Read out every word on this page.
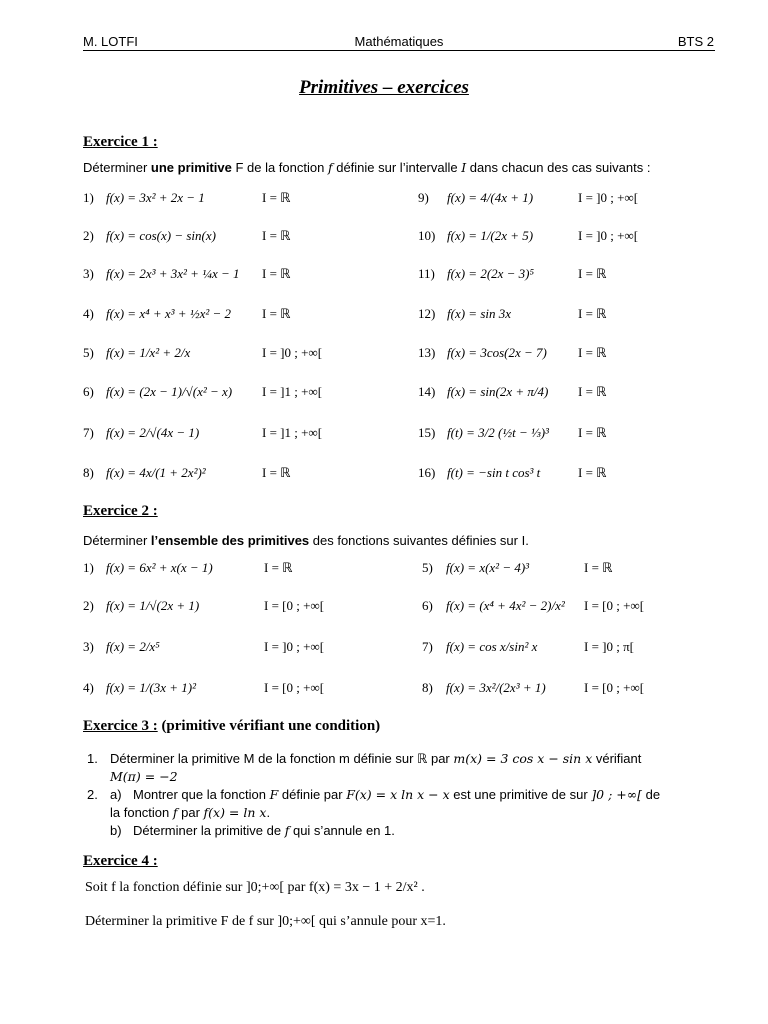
M. LOTFI	Mathématiques	BTS 2
Primitives – exercices
Exercice 1 :
Déterminer une primitive F de la fonction f définie sur l’intervalle I dans chacun des cas suivants :
1) f(x) = 3x² + 2x − 1	I = ℝ
2) f(x) = cos(x) − sin(x)	I = ℝ
3) f(x) = 2x³ + 3x² + ¼x − 1 I = ℝ
4) f(x) = x⁴ + x³ + ½x² − 2 I = ℝ
5) f(x) = 1/x² + 2/x	I = ]0 ; +∞[
6) f(x) = (2x − 1)/√(x² − x) I = ]1 ; +∞[
7) f(x) = 2/√(4x − 1)	I = ]1 ; +∞[
8) f(x) = 4x/(1 + 2x²)²	I = ℝ
9) f(x) = 4/(4x + 1)	I = ]0 ; +∞[
10) f(x) = 1/(2x + 5)	I = ]0 ; +∞[
11) f(x) = 2(2x − 3)⁵	I = ℝ
12) f(x) = sin 3x	I = ℝ
13) f(x) = 3cos(2x − 7) I = ℝ
14) f(x) = sin(2x + π/4) I = ℝ
15) f(t) = 3/2 (½t − ⅓)³ I = ℝ
16) f(t) = −sin t cos³ t	I = ℝ
Exercice 2 :
Déterminer l’ensemble des primitives des fonctions suivantes définies sur I.
1) f(x) = 6x² + x(x − 1)	I = ℝ
2) f(x) = 1/√(2x + 1)	I = [0 ; +∞[
3) f(x) = 2/x⁵	I = ]0 ; +∞[
4) f(x) = 1/(3x + 1)²	I = [0 ; +∞[
5) f(x) = x(x² − 4)³	I = ℝ
6) f(x) = (x⁴ + 4x² − 2)/x² I = [0 ; +∞[
7) f(x) = cos x/sin² x	I = ]0 ; π[
8) f(x) = 3x²/(2x³ + 1)	I = [0 ; +∞[
Exercice 3 : (primitive vérifiant une condition)
1. Déterminer la primitive M de la fonction m définie sur ℝ par m(x) = 3 cos x − sin x vérifiant
M(π) = −2
2. a) Montrer que la fonction F définie par F(x) = x ln x − x est une primitive de sur ]0 ; +∞[ de
la fonction f par f(x) = ln x.
b) Déterminer la primitive de f qui s’annule en 1.
Exercice 4 :
Soit f la fonction définie sur ]0;+∞[ par f(x) = 3x − 1 + 2/x² .
Déterminer la primitive F de f sur ]0;+∞[ qui s’annule pour x=1.
